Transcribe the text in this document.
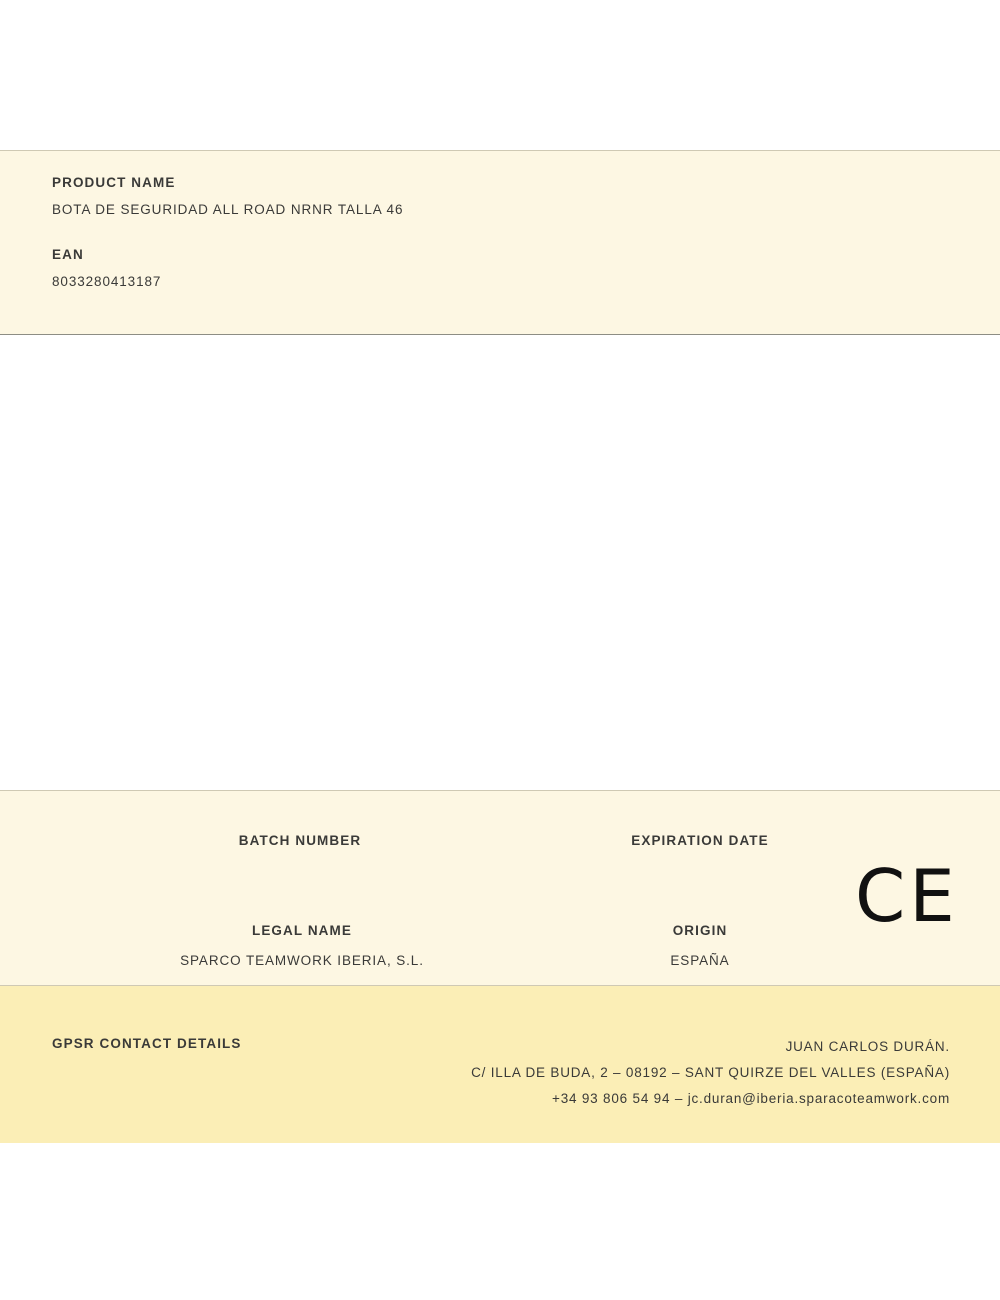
PRODUCT NAME

BOTA DE SEGURIDAD ALL ROAD NRNR TALLA 46

EAN

8033280413187

BATCH NUMBER	EXPIRATION DATE
LEGAL NAME
SPARCO TEAMWORK IBERIA, S.L.
ORIGIN
ESPAÑA
CE
GPSR CONTACT DETAILS	JUAN CARLOS DURÁN.
C/ ILLA DE BUDA, 2 – 08192 – SANT QUIRZE DEL VALLES (ESPAÑA)
+34 93 806 54 94 – jc.duran@iberia.sparacoteamwork.com
